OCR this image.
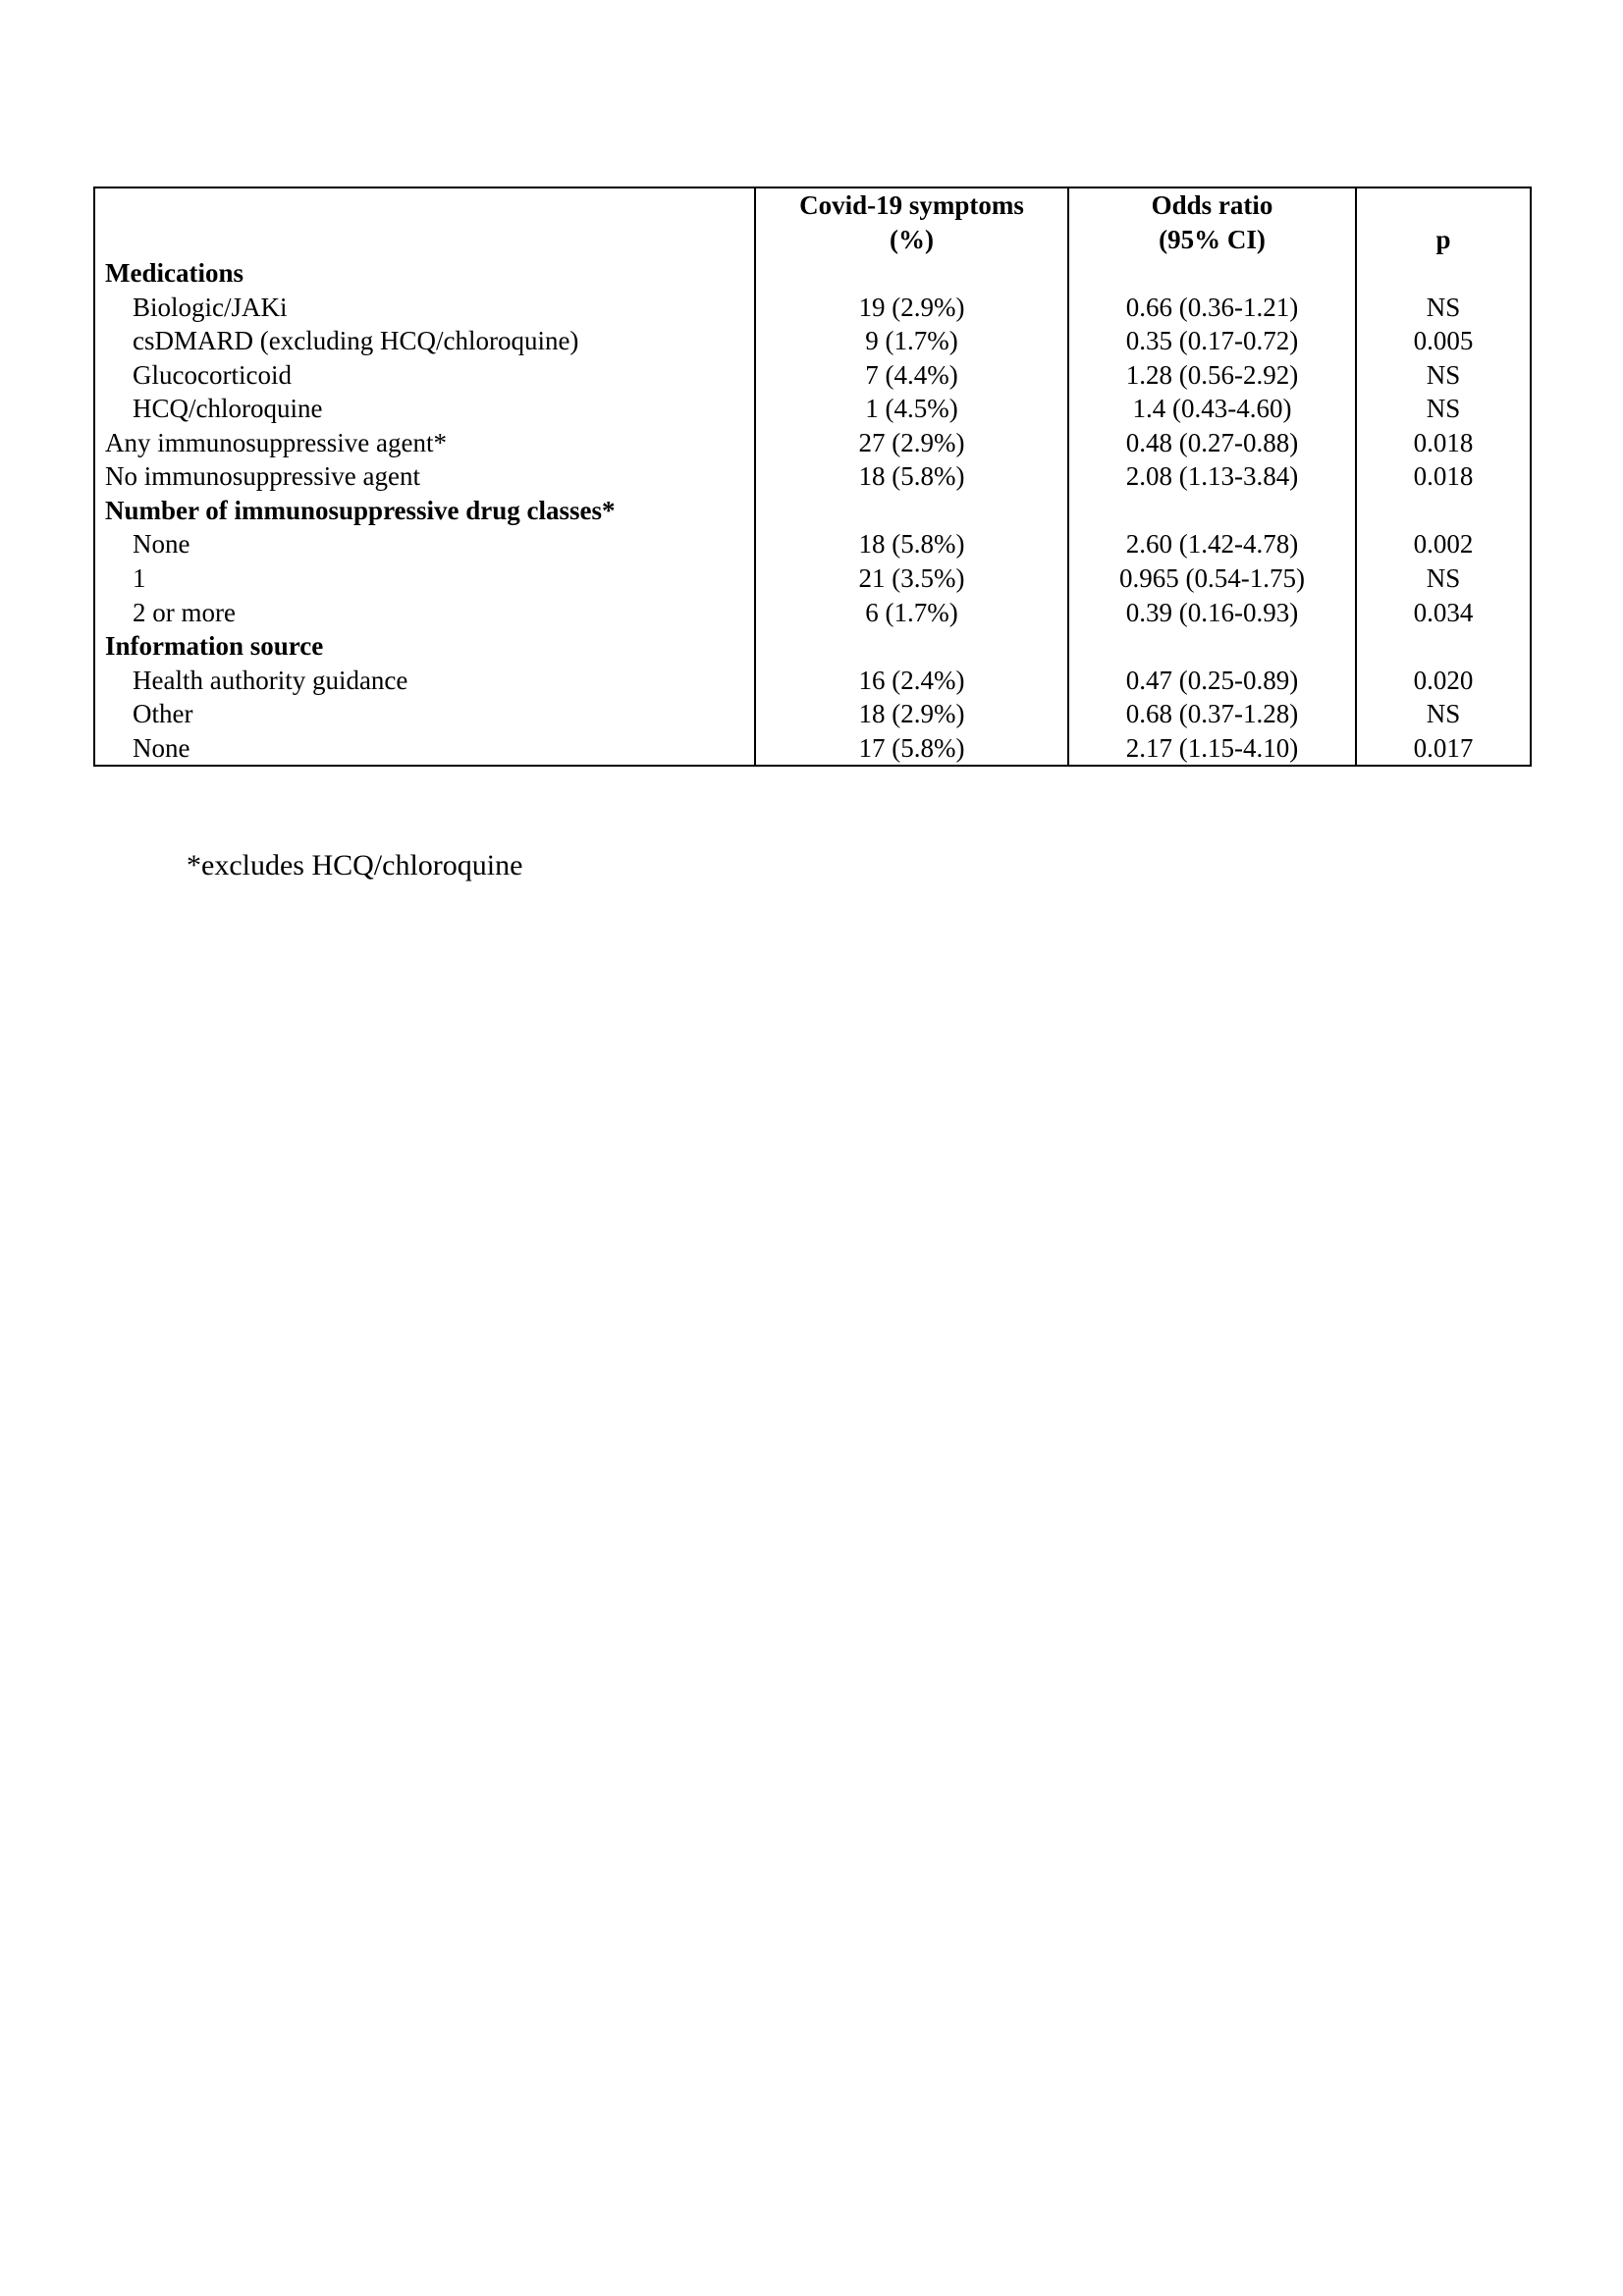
	Covid-19 symptoms	Odds ratio	
	(%)	(95% CI)	p
Medications			
Biologic/JAKi	19 (2.9%)	0.66 (0.36-1.21)	NS
csDMARD (excluding HCQ/chloroquine)	9 (1.7%)	0.35 (0.17-0.72)	0.005
Glucocorticoid	7 (4.4%)	1.28 (0.56-2.92)	NS
HCQ/chloroquine	1 (4.5%)	1.4 (0.43-4.60)	NS
Any immunosuppressive agent*	27 (2.9%)	0.48 (0.27-0.88)	0.018
No immunosuppressive agent	18 (5.8%)	2.08 (1.13-3.84)	0.018
Number of immunosuppressive drug classes*			
None	18 (5.8%)	2.60 (1.42-4.78)	0.002
1	21 (3.5%)	0.965 (0.54-1.75)	NS
2 or more	6 (1.7%)	0.39 (0.16-0.93)	0.034
Information source			
Health authority guidance	16 (2.4%)	0.47 (0.25-0.89)	0.020
Other	18 (2.9%)	0.68 (0.37-1.28)	NS
None	17 (5.8%)	2.17 (1.15-4.10)	0.017
*excludes HCQ/chloroquine
